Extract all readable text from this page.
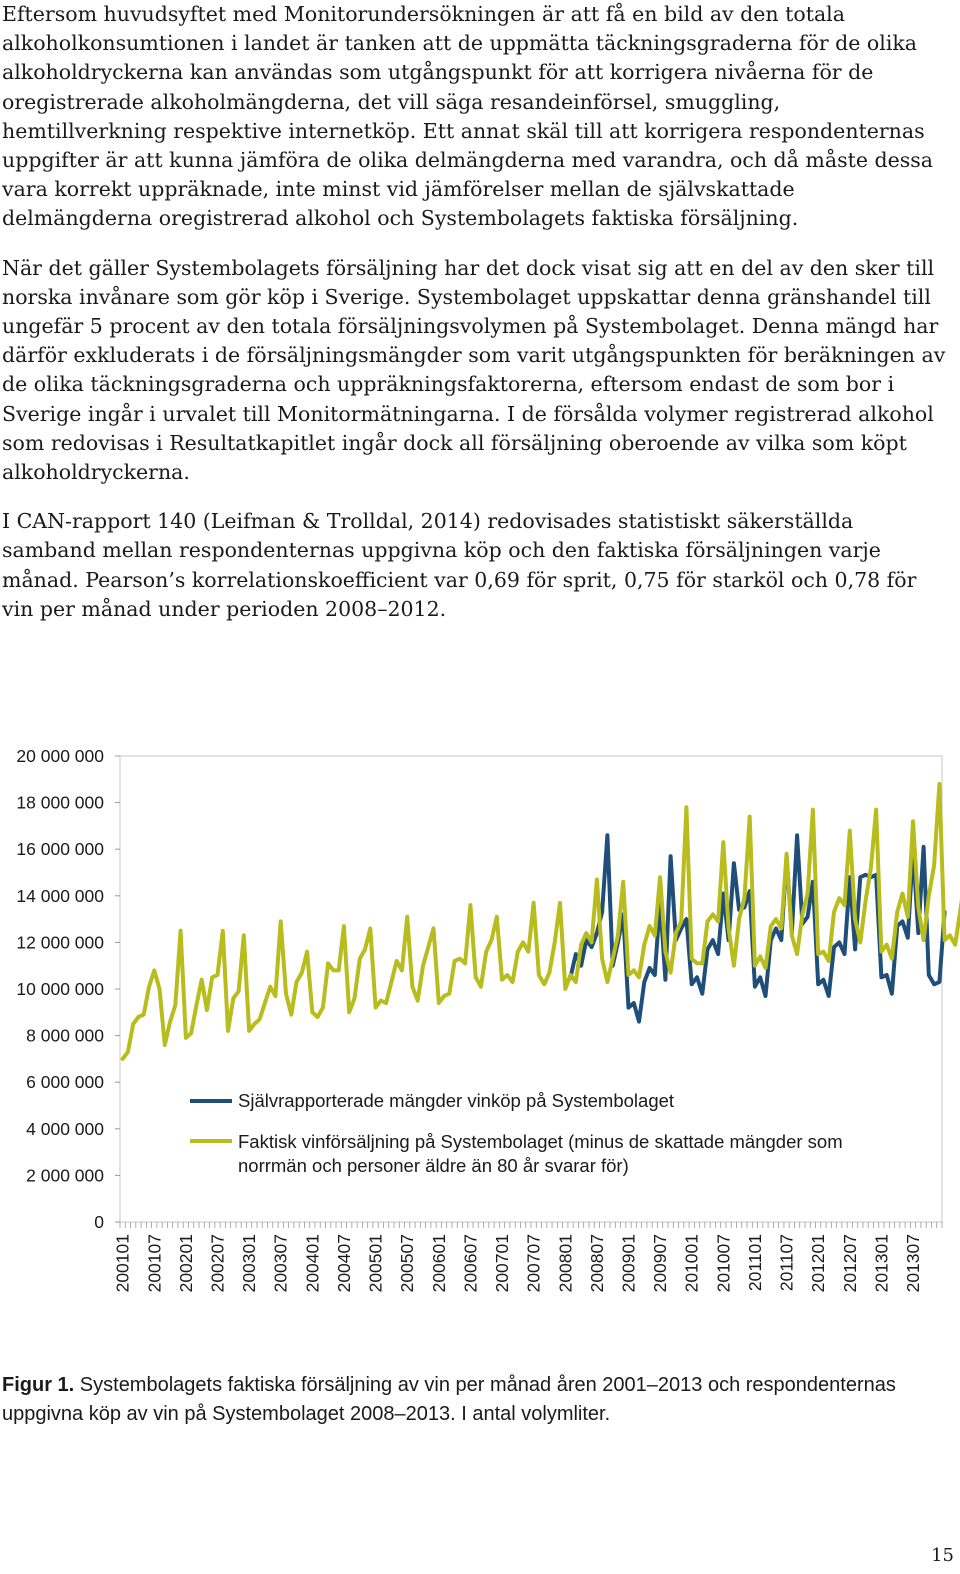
Eftersom huvudsyftet med Monitorundersökningen är att få en bild av den totala alkoholkonsumtionen i landet är tanken att de uppmätta täckningsgraderna för de olika alkoholdryckerna kan användas som utgångspunkt för att korrigera nivåerna för de oregistrerade alkoholmängderna, det vill säga resandeinförsel, smuggling, hemtillverkning respektive internetköp. Ett annat skäl till att korrigera respondenternas uppgifter är att kunna jämföra de olika delmängderna med varandra, och då måste dessa vara korrekt uppräknade, inte minst vid jämförelser mellan de självskattade delmängderna oregistrerad alkohol och Systembolagets faktiska försäljning.

När det gäller Systembolagets försäljning har det dock visat sig att en del av den sker till norska invånare som gör köp i Sverige. Systembolaget uppskattar denna gränshandel till ungefär 5 procent av den totala försäljningsvolymen på Systembolaget. Denna mängd har därför exkluderats i de försäljningsmängder som varit utgångspunkten för beräkningen av de olika täckningsgraderna och uppräkningsfaktorerna, eftersom endast de som bor i Sverige ingår i urvalet till Monitormätningarna. I de försålda volymer registrerad alkohol som redovisas i Resultatkapitlet ingår dock all försäljning oberoende av vilka som köpt alkoholdryckerna.

I CAN-rapport 140 (Leifman & Trolldal, 2014) redovisades statistiskt säkerställda samband mellan respondenternas uppgivna köp och den faktiska försäljningen varje månad. Pearson’s korrelationskoefficient var 0,69 för sprit, 0,75 för starköl och 0,78 för vin per månad under perioden 2008–2012.

0
2 000 000
4 000 000
6 000 000
8 000 000
10 000 000
12 000 000
14 000 000
16 000 000
18 000 000
20 000 000
200101 200107 200201 200207 200301 200307 200401 200407 200501 200507 200601 200607 200701 200707 200801 200807 200901 200907 201001 201007 201101 201107 201201 201207 201301 201307
Självrapporterade mängder vinköp på Systembolaget
Faktisk vinförsäljning på Systembolaget (minus de skattade mängder som norrmän och personer äldre än 80 år svarar för)
Figur 1. Systembolagets faktiska försäljning av vin per månad åren 2001–2013 och respondenternas uppgivna köp av vin på Systembolaget 2008–2013. I antal volymliter.
15
